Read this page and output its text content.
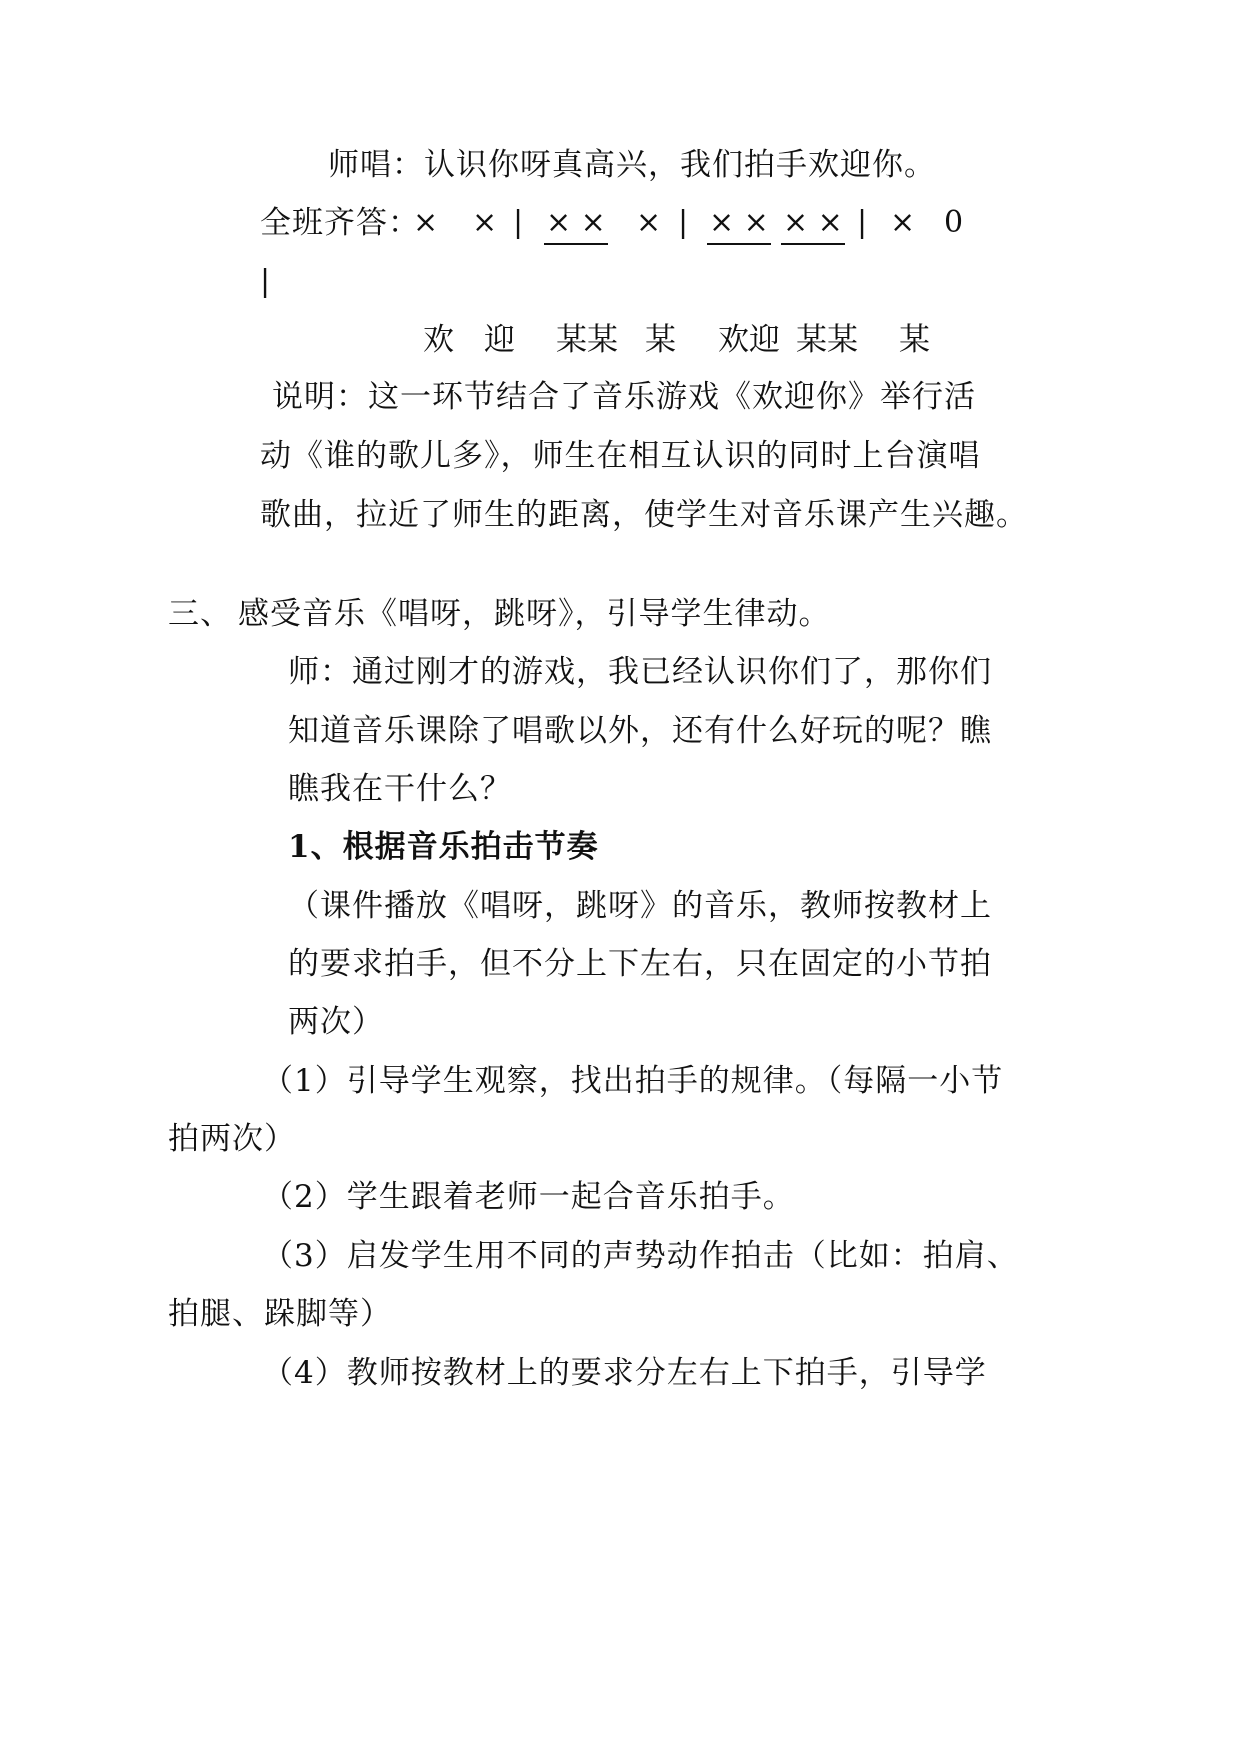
师唱：认识你呀真高兴，我们拍手欢迎你。
全班齐答：
× × | × × × | × × × × | × 0
|
欢 迎 某某 某 欢迎 某某 某
说明：这一环节结合了音乐游戏《欢迎你》举行活
动《谁的歌儿多》，师生在相互认识的同时上台演唱
歌曲，拉近了师生的距离，使学生对音乐课产生兴趣。
三、 感受音乐《唱呀，跳呀》，引导学生律动。
师：通过刚才的游戏，我已经认识你们了，那你们
知道音乐课除了唱歌以外，还有什么好玩的呢？瞧
瞧我在干什么？
1、根据音乐拍击节奏
（课件播放《唱呀，跳呀》的音乐，教师按教材上
的要求拍手，但不分上下左右，只在固定的小节拍
两次）
（1）引导学生观察，找出拍手的规律。（每隔一小节
拍两次）
（2）学生跟着老师一起合音乐拍手。
（3）启发学生用不同的声势动作拍击（比如：拍肩、
拍腿、跺脚等）
（4）教师按教材上的要求分左右上下拍手，引导学
